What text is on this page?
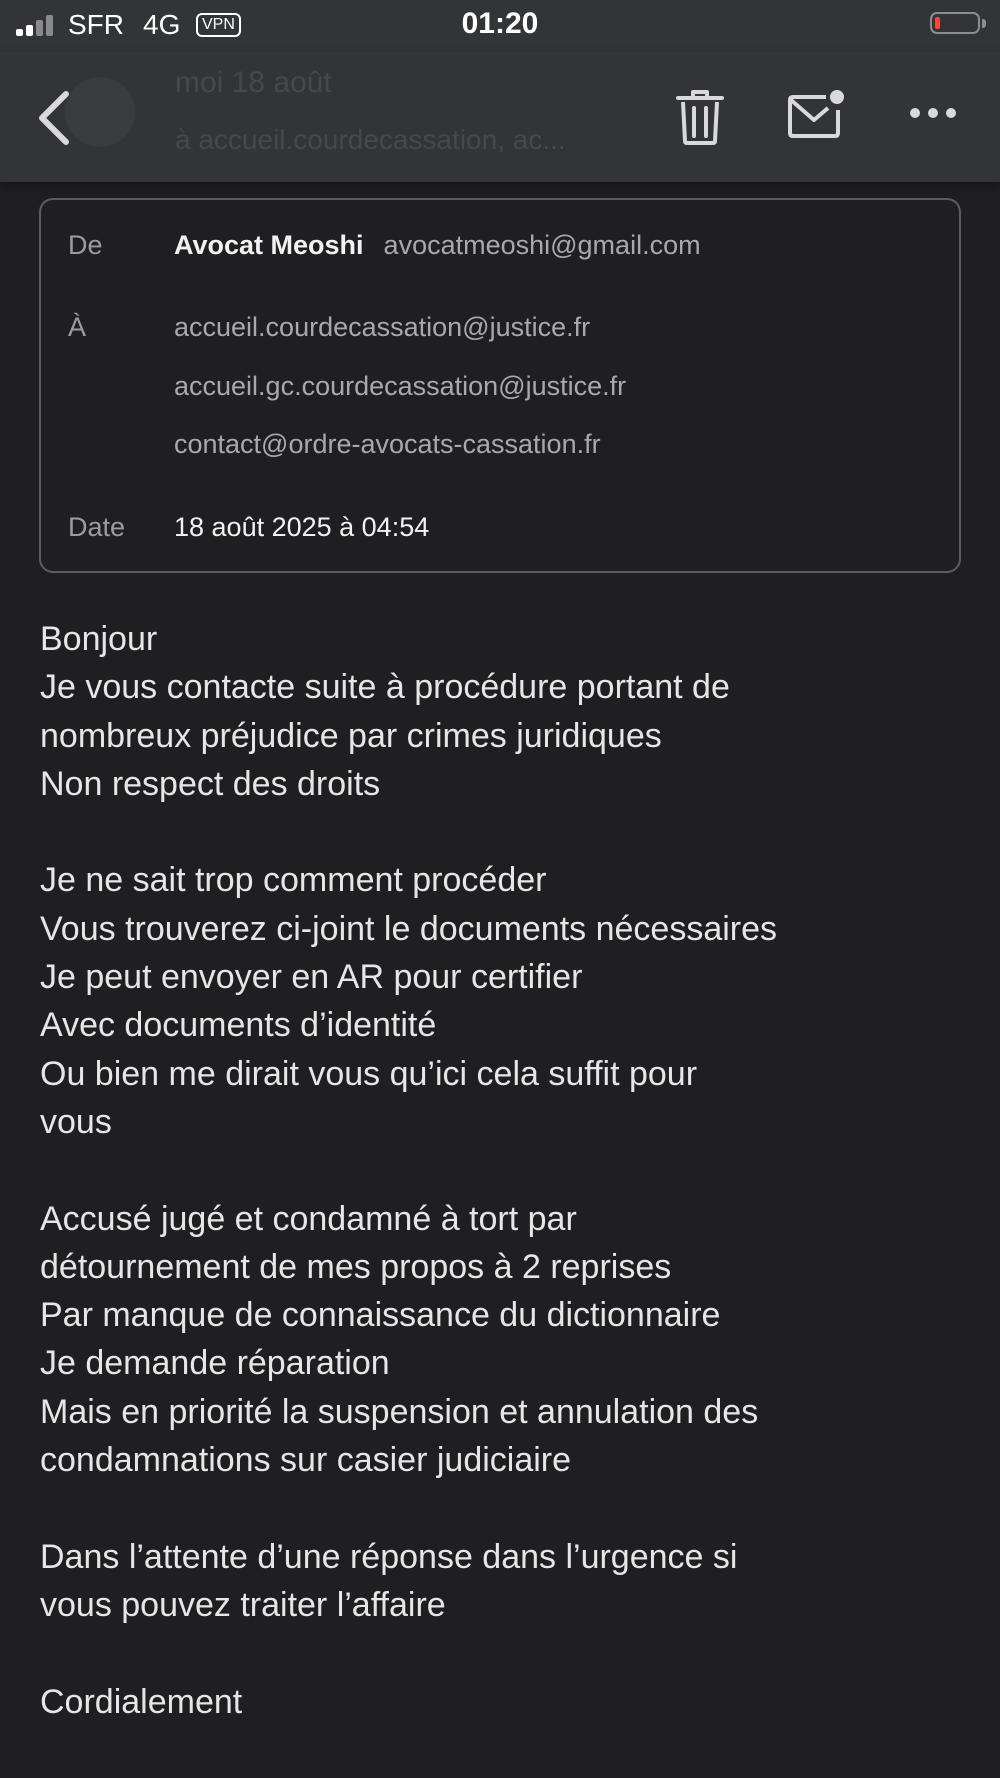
SFR 4G	VPN	01:20
moi 18 août
à accueil.courdecassation, ac...
De	Avocat Meoshi avocatmeoshi@gmail.com
À	accueil.courdecassation@justice.fr
accueil.gc.courdecassation@justice.fr
contact@ordre-avocats-cassation.fr
Date 18 août 2025 à 04:54
Bonjour
Je vous contacte suite à procédure portant de
nombreux préjudice par crimes juridiques
Non respect des droits
Je ne sait trop comment procéder
Vous trouverez ci-joint le documents nécessaires
Je peut envoyer en AR pour certifier
Avec documents d’identité
Ou bien me dirait vous qu’ici cela suffit pour
vous
Accusé jugé et condamné à tort par
détournement de mes propos à 2 reprises
Par manque de connaissance du dictionnaire
Je demande réparation
Mais en priorité la suspension et annulation des
condamnations sur casier judiciaire
Dans l’attente d’une réponse dans l’urgence si
vous pouvez traiter l’affaire
Cordialement
